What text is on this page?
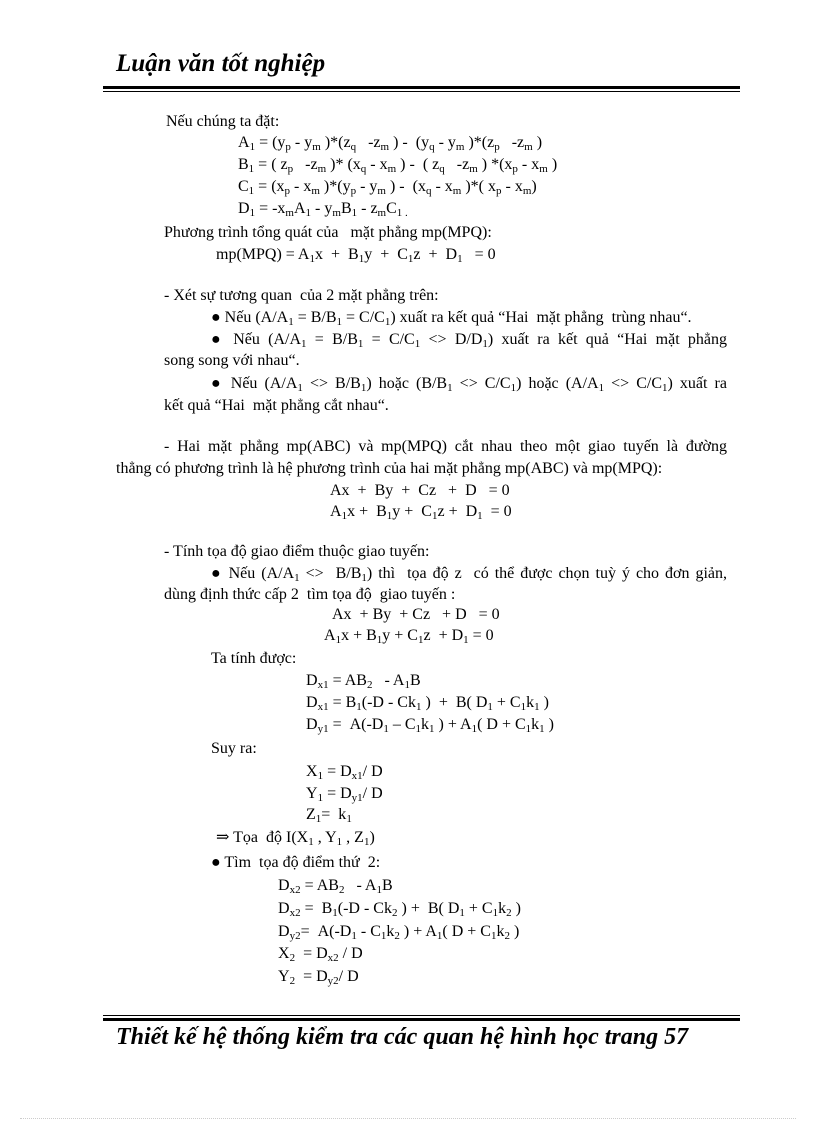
Luận văn tốt nghiệp
Nếu chúng ta đặt:
$A_1 = (y_p - y_m$ )$*(z_q$   $-z_m$ ) -  ($y_q - y_m$ )$*(z_p$   $-z_m$ )
$B_1$ = ( $z_p$   $-z_m$ )* ($x_q - x_m$ ) -  ( $z_q$   $-z_m$ ) $*(x_p - x_m$ )
$C_1 = (x_p - x_m$ )$*(y_p - y_m$ ) -  ($x_q - x_m$ )*( $x_p - x_m$)
$D_1 = -x_mA_1 - y_mB_1 - z_mC_{1 .}$
Phương trình tổng quát của   mặt phẳng mp(MPQ):
$mp(MPQ) = A_1x + B_1y + C_1z + D_1 = 0$
- Xét sự tương quan  của 2 mặt phẳng trên:
● Nếu $(A/A_1 = B/B_1 = C/C_1)$ xuất ra kết quả “Hai  mặt phẳng  trùng nhau“.
● Nếu $(A/A_1 = B/B_1 = C/C_1 <> D/D_1)$ xuất ra kết quả “Hai mặt phẳng
song song với nhau“.
● Nếu $(A/A_1 <> B/B_1)$ hoặc $(B/B_1 <> C/C_1)$ hoặc $(A/A_1 <> C/C_1)$ xuất ra
kết quả “Hai  mặt phẳng cắt nhau“.
- Hai mặt phẳng mp(ABC) và mp(MPQ) cắt nhau theo một giao tuyến là đường
thẳng có phương trình là hệ phương trình của hai mặt phẳng mp(ABC) và mp(MPQ):
Ax  +  By  +  Cz   +  D   = 0
$A_1x + B_1y + C_1z + D_1 = 0$
- Tính tọa độ giao điểm thuộc giao tuyến:
● Nếu $(A/A_1 <> B/B_1)$ thì  tọa độ z  có thể được chọn tuỳ ý cho đơn giản,
dùng định thức cấp 2  tìm tọa độ  giao tuyến :
Ax  + By  + Cz   + D   = 0
$A_1x + B_1y + C_1z + D_1 = 0$
Ta tính được:
$D_{x1} = AB_2 - A_1B$
$D_{x1} = B_1(-D - Ck_1$ )  +  B( $D_1 + C_1k_1$ )
$D_{y1} = A(-D_1 - C_1k_1$ ) + $A_1$( $D + C_1k_1$ )
Suy ra:
$X_1 = D_{x1}/$ D
$Y_1 = D_{y1}/$ D
$Z_1= k_1$
⇒ Tọa  độ $I(X_1$ , $Y_1$ , $Z_1$)
● Tìm  tọa độ điểm thứ  2:
$D_{x2} = AB_2 - A_1B$
$D_{x2} = B_1(-D - Ck_2$ ) +  B( $D_1 + C_1k_2$ )
$D_{y2}= A(-D_1 - C_1k_2$ ) + $A_1$( $D + C_1k_2$ )
$X_2 = D_{x2} / D$
$Y_2 = D_{y2}/$ D
Thiết kế hệ thống kiểm tra các quan hệ hình học trang 57
